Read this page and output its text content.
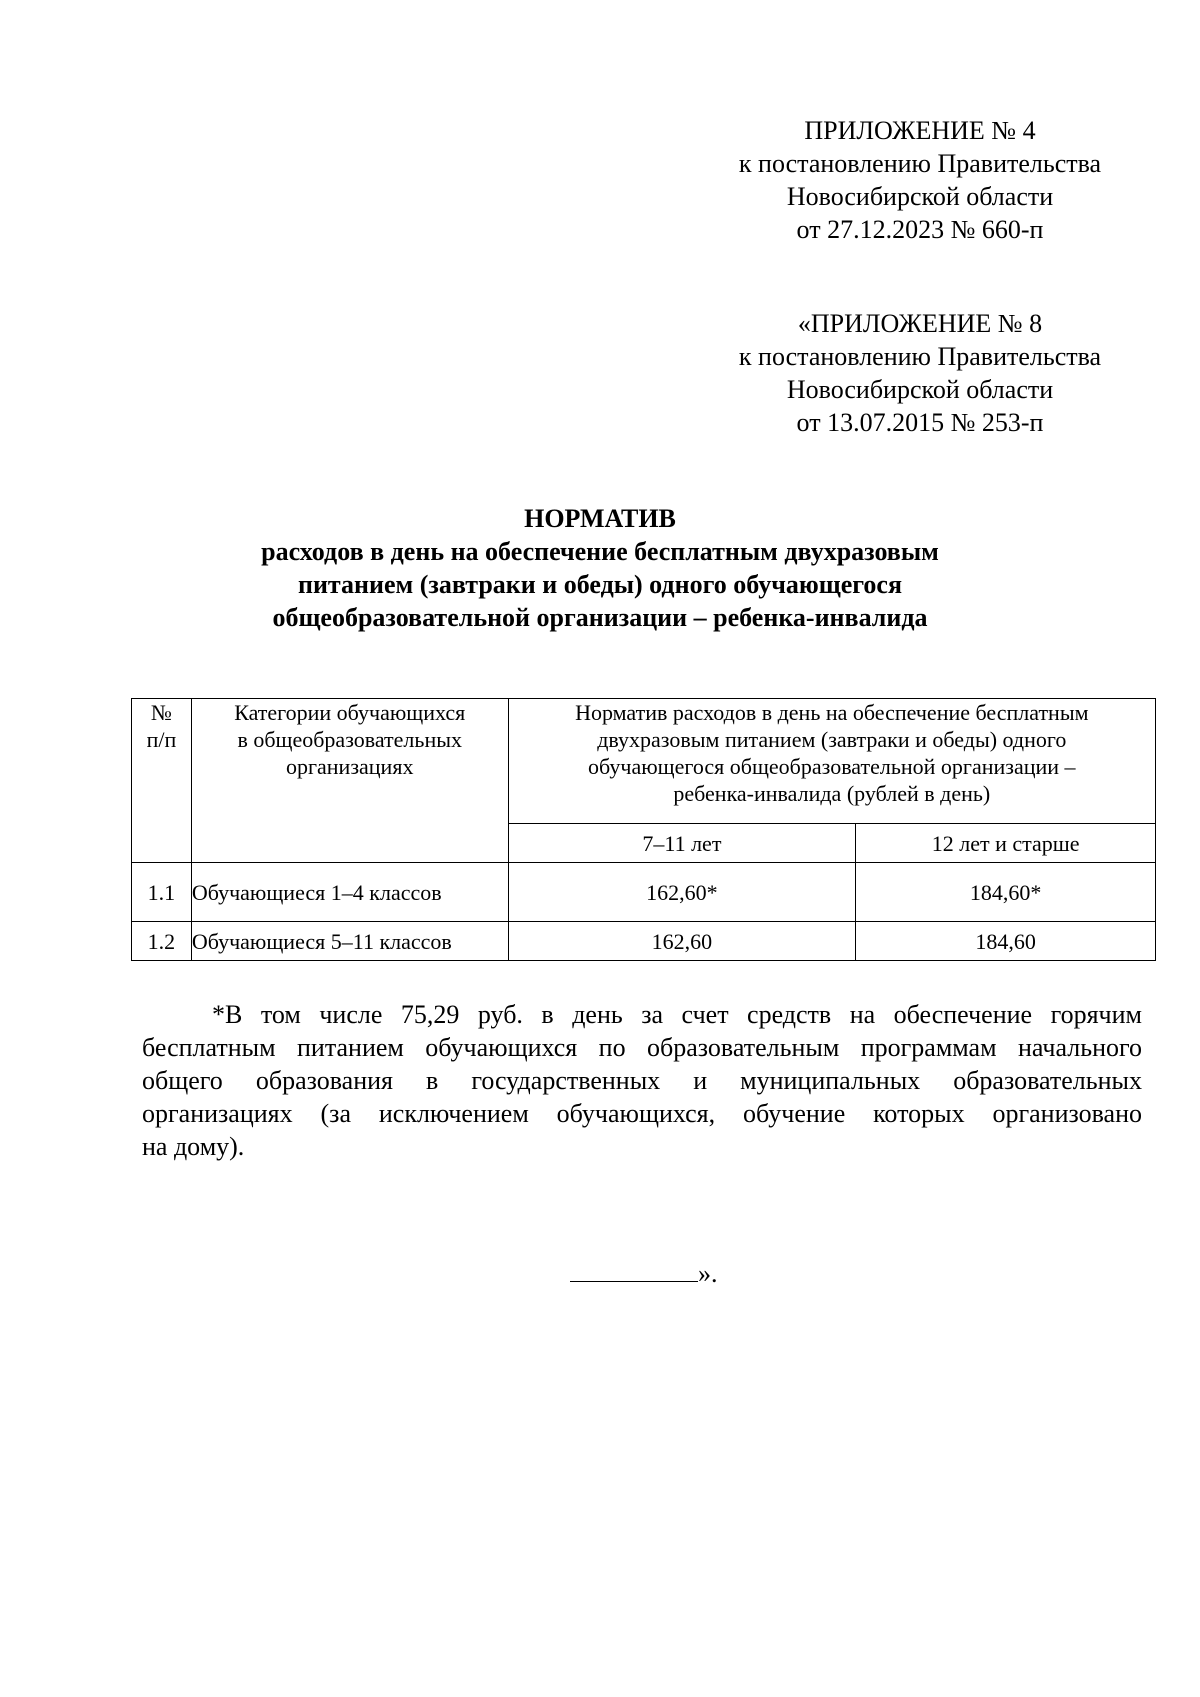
ПРИЛОЖЕНИЕ № 4
к постановлению Правительства
Новосибирской области
от 27.12.2023 № 660-п
«ПРИЛОЖЕНИЕ № 8
к постановлению Правительства
Новосибирской области
от 13.07.2015 № 253-п
НОРМАТИВ
расходов в день на обеспечение бесплатным двухразовым
питанием (завтраки и обеды) одного обучающегося
общеобразовательной организации – ребенка-инвалида
№
п/п	Категории обучающихся
в общеобразовательных
организациях	Норматив расходов в день на обеспечение бесплатным
двухразовым питанием (завтраки и обеды) одного
обучающегося общеобразовательной организации –
ребенка-инвалида (рублей в день)	

		7–11 лет	12 лет и старше
1.1	Обучающиеся 1–4 классов	162,60*	184,60*
1.2	Обучающиеся 5–11 классов	162,60	184,60
*В том числе 75,29 руб. в день за счет средств на обеспечение горячим
бесплатным питанием обучающихся по образовательным программам начального
общего образования в государственных и муниципальных образовательных
организациях (за исключением обучающихся, обучение которых организовано
на дому).
».
